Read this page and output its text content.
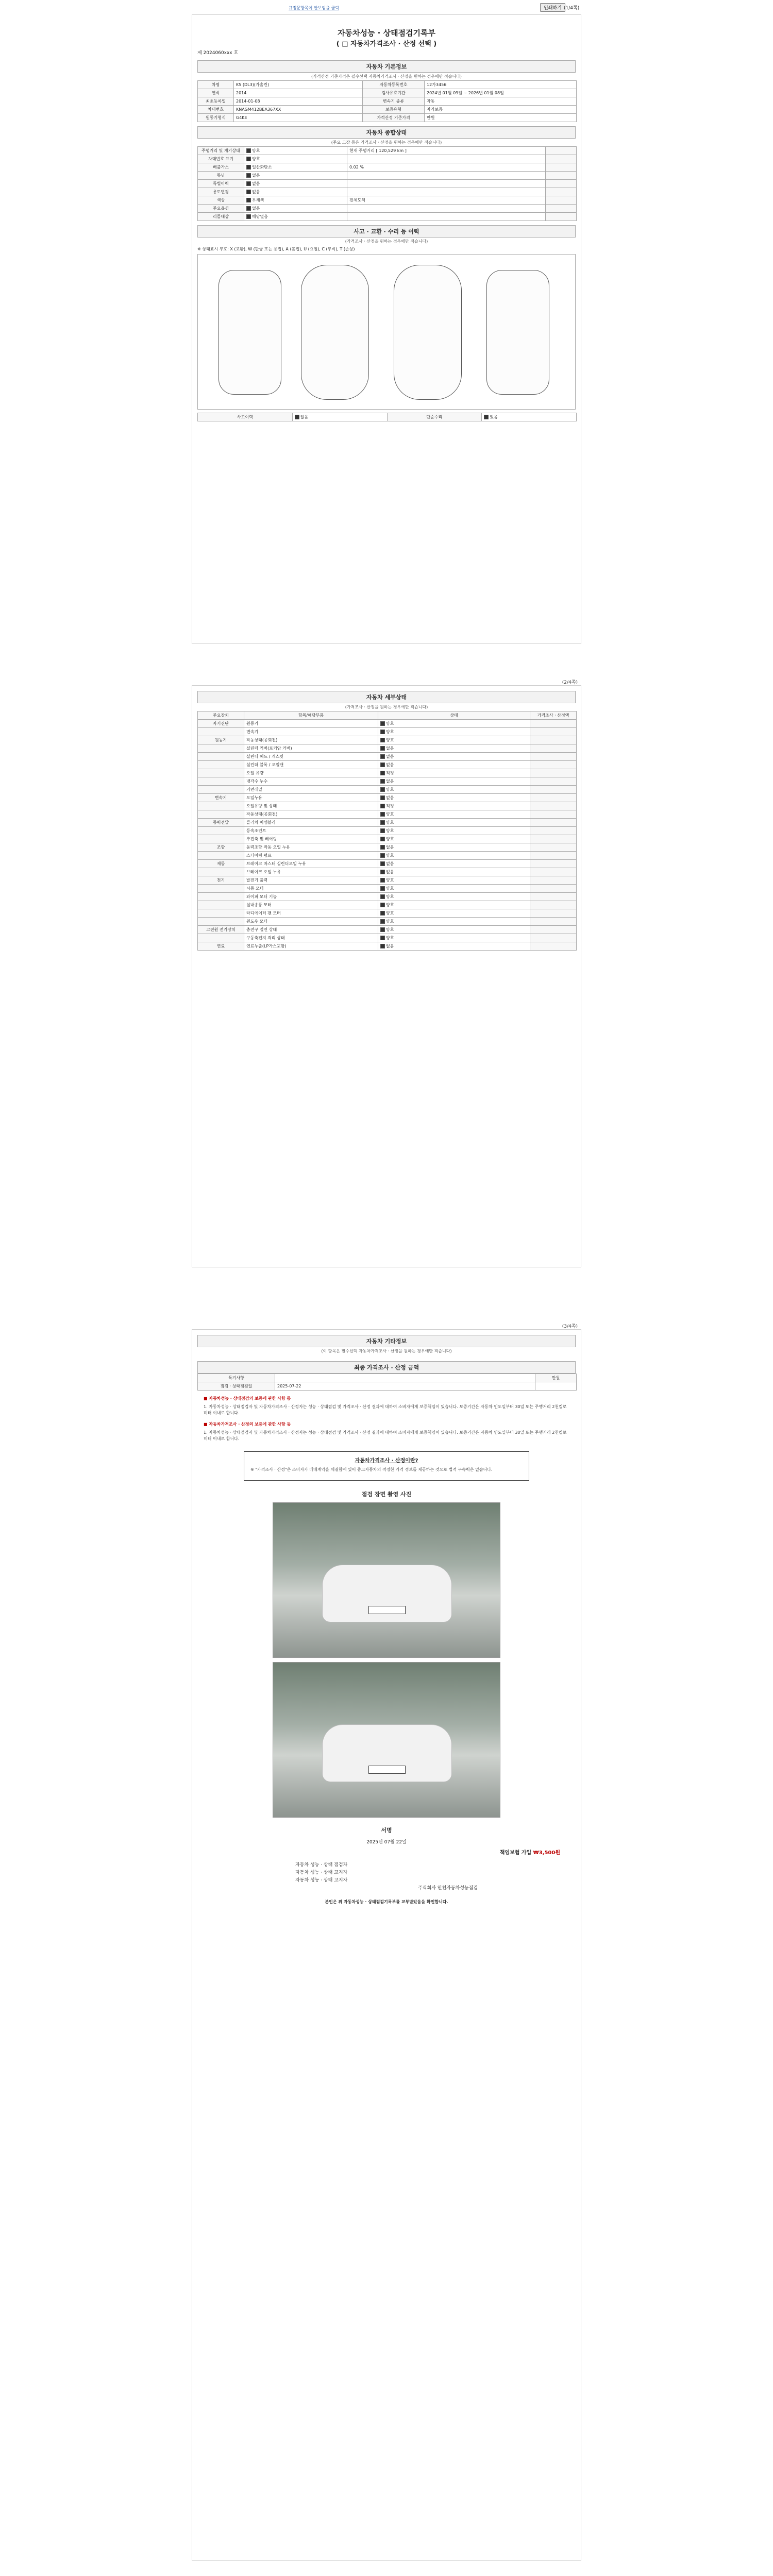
규정문항목이 안보임을 클릭	인쇄하기 (1/4쪽)
자동차성능 · 상태점검기록부
( □ 자동차가격조사 · 산정 선택 )
제 2024060xxx 호
자동차 기본정보
(가격산정 기준가격은 필수선택 자동차가격조사 · 산정을 원하는 경우에만 적습니다)
차명	K5 (DL3)(가솔린)	자동차등록번호	12가3456
연식	2014	검사유효기간	2024년 01월 09일 ~ 2026년 01월 08일
최초등록일	2014-01-08	변속기 종류	자동
차대번호	KNAGM412BEA367XX	보증유형	자가보증
원동기형식	G4KE	가격산정 기준가격	만원
자동차 종합상태
(주요 고장 등은 가격조사 · 산정을 원하는 경우에만 적습니다)
주행거리 및 계기상태	양호	현재 주행거리 [ 120,529 km ]	
차대번호 표기	양호		
배출가스	일산화탄소	0.02 %	
튜닝	없음		
특별이력	없음		
용도변경	없음		
색상	무채색	전체도색	
주요옵션	없음		
리콜대상	해당없음		
사고 · 교환 · 수리 등 이력
(가격조사 · 산정을 원하는 경우에만 적습니다)
※ 상태표시 부호: X (교환), W (판금 또는 용접), A (흠집), U (요철), C (부식), T (손상)
사고이력	없음	단순수리	있음
(2/4쪽)
자동차 세부상태
(가격조사 · 산정을 원하는 경우에만 적습니다)
주요장치	항목/해당부품	상태	가격조사 · 산정액
자기진단	원동기	양호	
	변속기	양호	
원동기	작동상태(공회전)	양호	
	실린더 커버(로커암 커버)	없음	
	실린더 헤드 / 개스킷	없음	
	실린더 블록 / 오일팬	없음	
	오일 유량	적정	
	냉각수 누수	없음	
	커먼레일	양호	
변속기	오일누유	없음	
	오일유량 및 상태	적정	
	작동상태(공회전)	양호	
동력전달	클러치 어셈블리	양호	
	등속조인트	양호	
	추진축 및 베어링	양호	
조향	동력조향 작동 오일 누유	없음	
	스티어링 펌프	양호	
제동	브레이크 마스터 실린더오일 누유	없음	
	브레이크 오일 누유	없음	
전기	발전기 출력	양호	
	시동 모터	양호	
	와이퍼 모터 기능	양호	
	실내송풍 모터	양호	
	라디에이터 팬 모터	양호	
	윈도우 모터	양호	
고전원 전기장치	충전구 절연 상태	양호	
	구동축전지 격리 상태	양호	
연료	연료누출(LP가스포함)	없음	
(3/4쪽)
자동차 기타정보
(이 항목은 필수선택 자동차가격조사 · 산정을 원하는 경우에만 적습니다)
최종 가격조사 · 산정 금액
특기사항		만원
점검 · 상태점검일	2025-07-22	
■ 자동차성능 · 상태점검의 보증에 관한 사항 등
1. 자동차성능 · 상태점검자 및 자동차가격조사 · 산정자는 성능 · 상태점검 및 가격조사 · 산정 결과에 대하여 소비자에게 보증책임이 있습니다. 보증기간은 자동차 인도일부터 30일 또는 주행거리 2천킬로미터 이내로 합니다.
■ 자동차가격조사 · 산정의 보증에 관한 사항 등
1. 자동차성능 · 상태점검자 및 자동차가격조사 · 산정자는 성능 · 상태점검 및 가격조사 · 산정 결과에 대하여 소비자에게 보증책임이 있습니다. 보증기간은 자동차 인도일부터 30일 또는 주행거리 2천킬로미터 이내로 합니다.
자동차가격조사 · 산정이란?
※ "가격조사 · 산정"은 소비자가 매매계약을 체결함에 있어 중고자동차의 적정한 가격 정보를 제공하는 것으로 법적 구속력은 없습니다.
점검 장면 촬영 사진
서명
2025년 07월 22일
책임보험 가입 ₩3,500원
자동차 성능 · 상태 점검자
자동차 성능 · 상태 고지자
자동차 성능 · 상태 고지자
주식회사 인천자동차성능점검
본인은 위 자동차성능 · 상태점검기록부를 교부받았음을 확인합니다.
